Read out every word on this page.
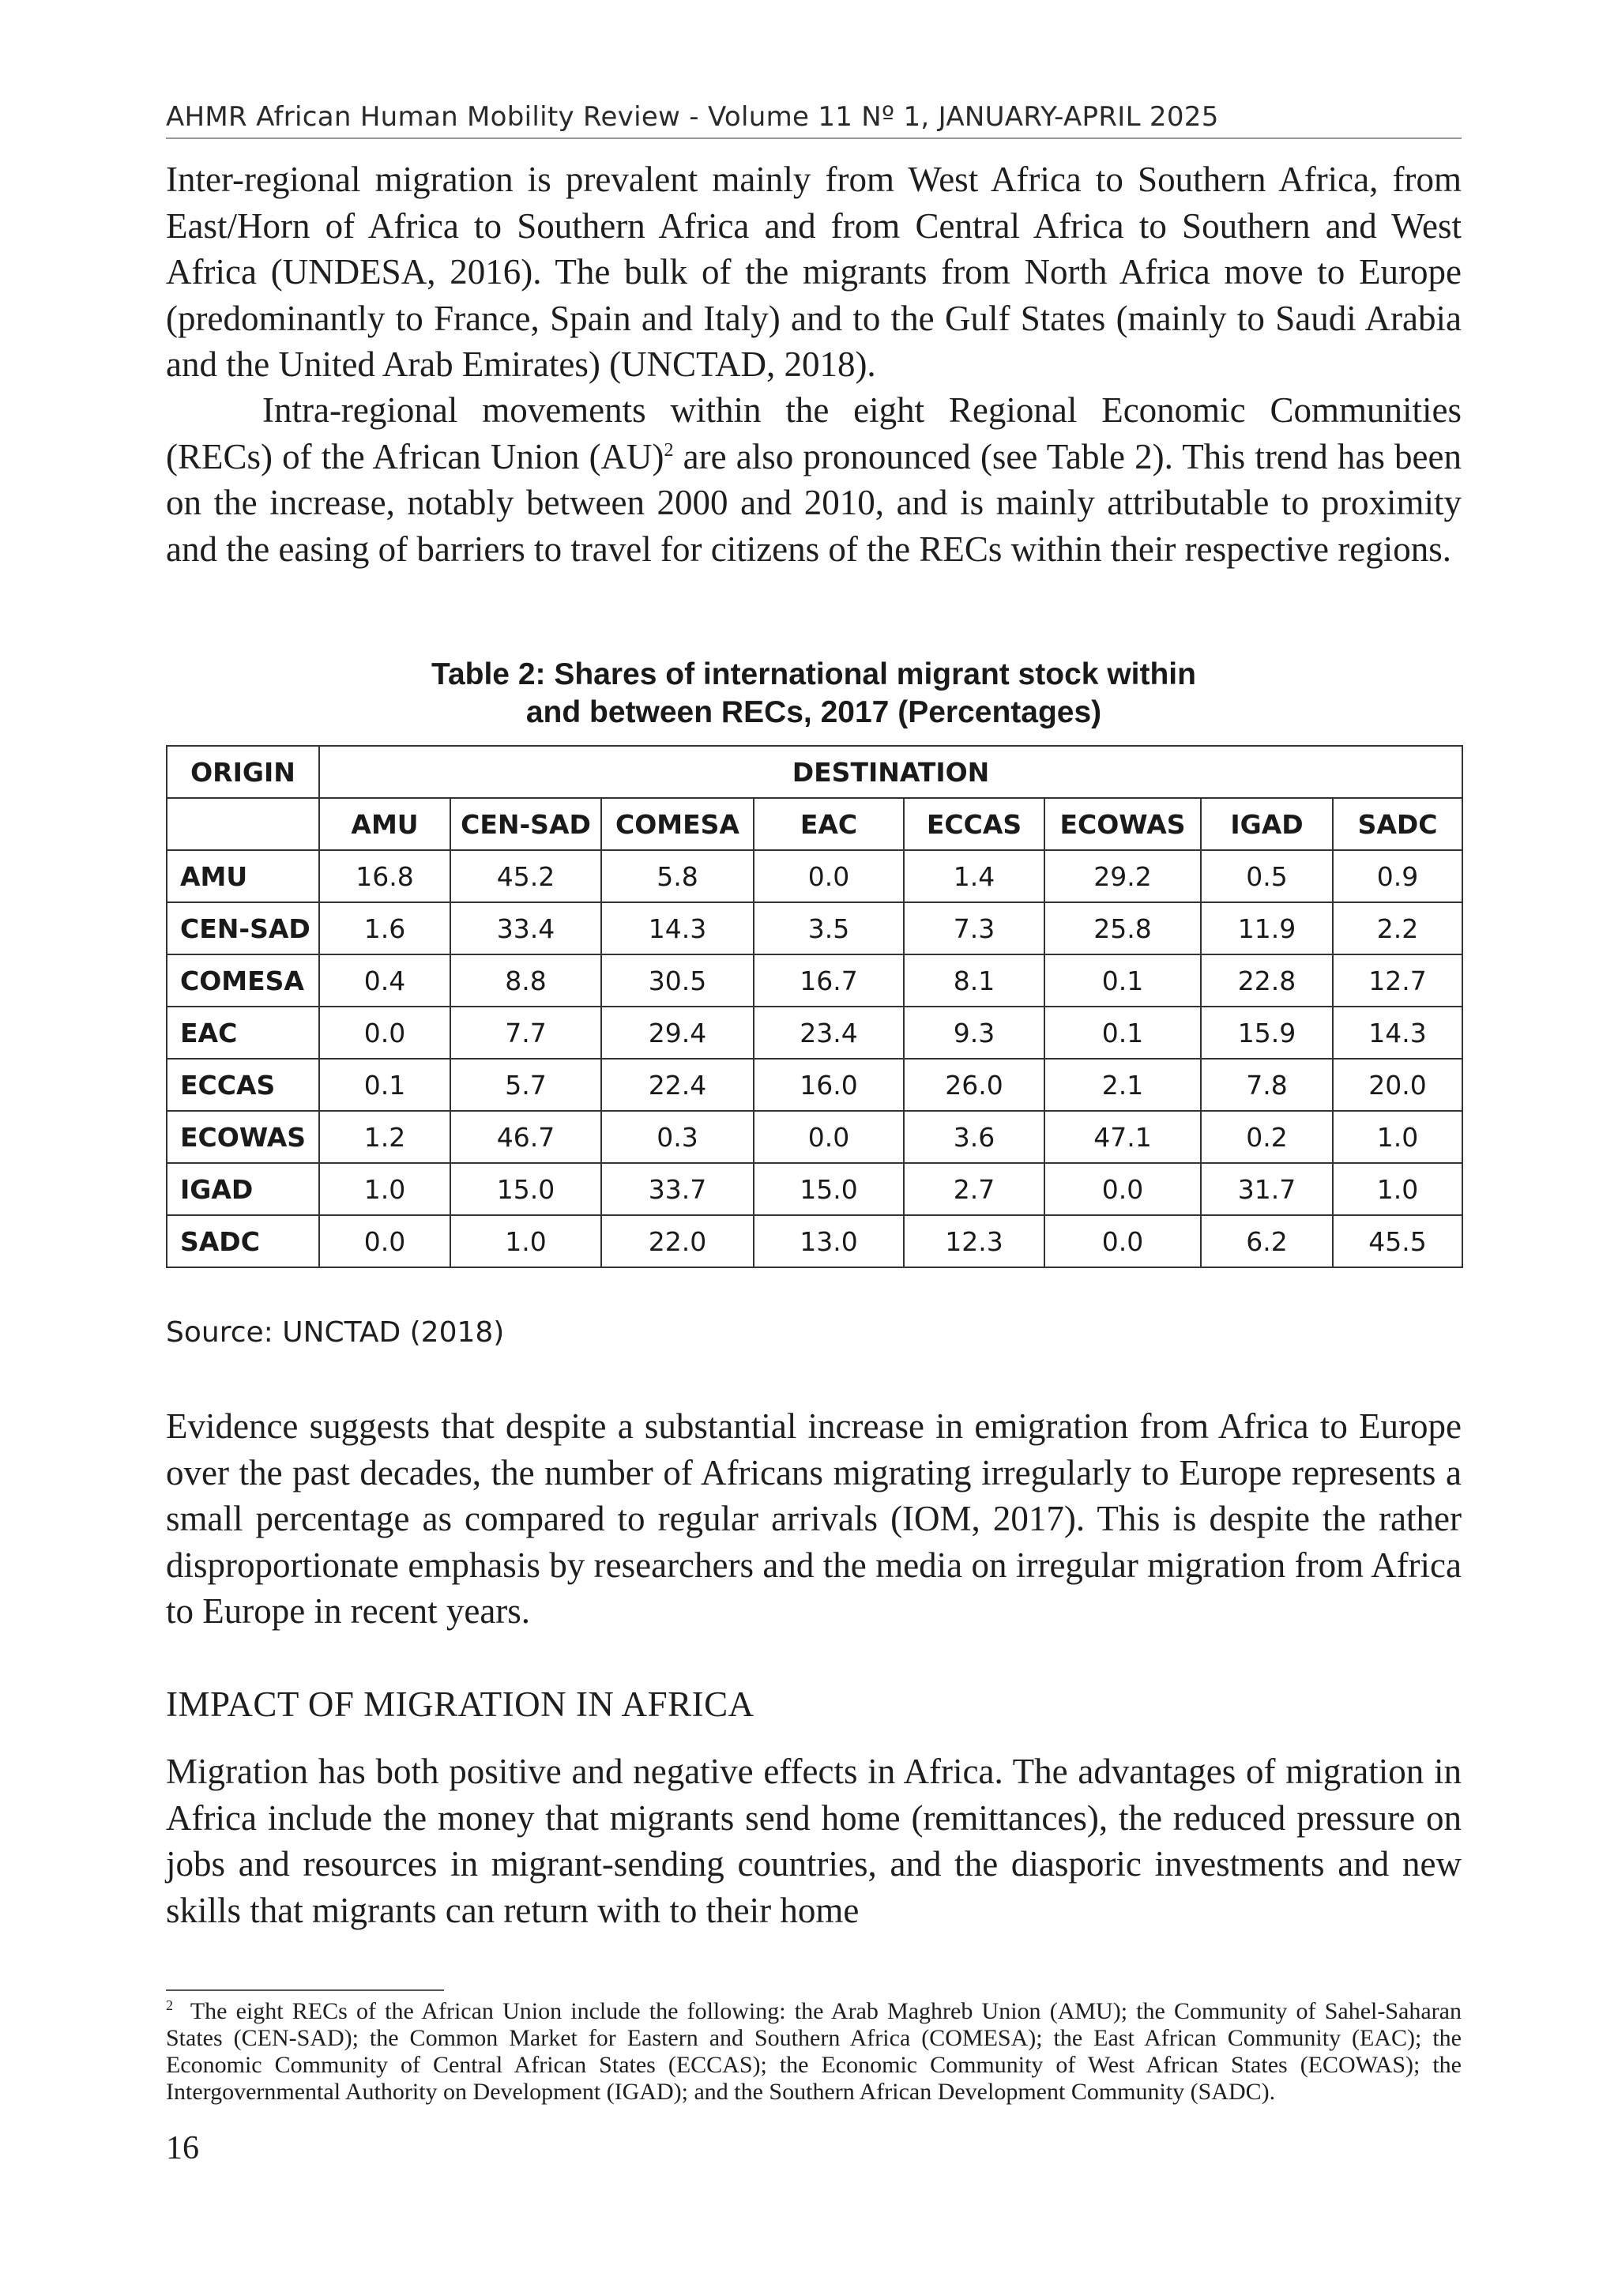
AHMR African Human Mobility Review - Volume 11 Nº 1, JANUARY-APRIL 2025

Inter-regional migration is prevalent mainly from West Africa to Southern Africa, from East/Horn of Africa to Southern Africa and from Central Africa to Southern and West Africa (UNDESA, 2016). The bulk of the migrants from North Africa move to Europe (predominantly to France, Spain and Italy) and to the Gulf States (mainly to Saudi Arabia and the United Arab Emirates) (UNCTAD, 2018).

Intra-regional movements within the eight Regional Economic Communities (RECs) of the African Union (AU)$^2$ are also pronounced (see Table 2). This trend has been on the increase, notably between 2000 and 2010, and is mainly attributable to proximity and the easing of barriers to travel for citizens of the RECs within their respective regions.

Table 2: Shares of international migrant stock within
and between RECs, 2017 (Percentages)
ORIGIN	DESTINATION							
	AMU	CEN-SAD	COMESA	EAC	ECCAS	ECOWAS	IGAD	SADC
AMU	16.8	45.2	5.8	0.0	1.4	29.2	0.5	0.9
CEN-SAD	1.6	33.4	14.3	3.5	7.3	25.8	11.9	2.2
COMESA	0.4	8.8	30.5	16.7	8.1	0.1	22.8	12.7
EAC	0.0	7.7	29.4	23.4	9.3	0.1	15.9	14.3
ECCAS	0.1	5.7	22.4	16.0	26.0	2.1	7.8	20.0
ECOWAS	1.2	46.7	0.3	0.0	3.6	47.1	0.2	1.0
IGAD	1.0	15.0	33.7	15.0	2.7	0.0	31.7	1.0
SADC	0.0	1.0	22.0	13.0	12.3	0.0	6.2	45.5
Source: UNCTAD (2018)

Evidence suggests that despite a substantial increase in emigration from Africa to Europe over the past decades, the number of Africans migrating irregularly to Europe represents a small percentage as compared to regular arrivals (IOM, 2017). This is despite the rather disproportionate emphasis by researchers and the media on irregular migration from Africa to Europe in recent years.

IMPACT OF MIGRATION IN AFRICA

Migration has both positive and negative effects in Africa. The advantages of migration in Africa include the money that migrants send home (remittances), the reduced pressure on jobs and resources in migrant-sending countries, and the diasporic investments and new skills that migrants can return with to their home

$^2$ The eight RECs of the African Union include the following: the Arab Maghreb Union (AMU); the Community of Sahel-Saharan States (CEN-SAD); the Common Market for Eastern and Southern Africa (COMESA); the East African Community (EAC); the Economic Community of Central African States (ECCAS); the Economic Community of West African States (ECOWAS); the Intergovernmental Authority on Development (IGAD); and the Southern African Development Community (SADC).

16
